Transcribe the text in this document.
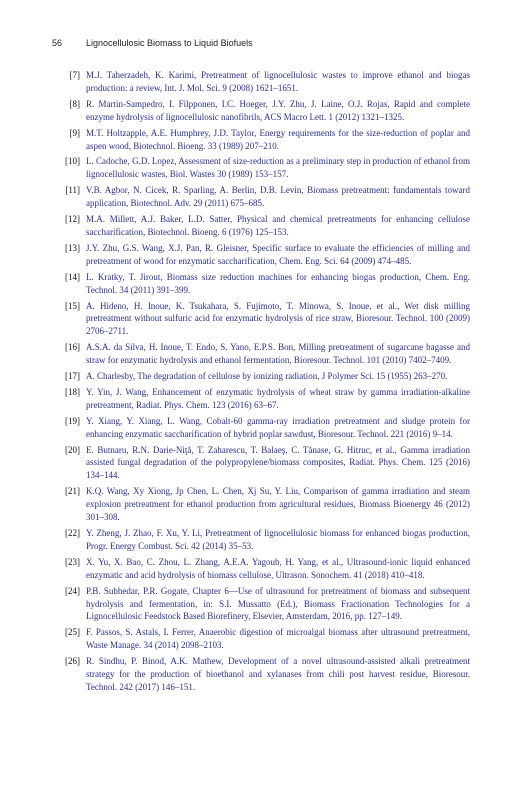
56	Lignocellulosic Biomass to Liquid Biofuels
[7] M.J. Taherzadeh, K. Karimi, Pretreatment of lignocellulosic wastes to improve ethanol and biogas production: a review, Int. J. Mol. Sci. 9 (2008) 1621–1651.
[8] R. Martin-Sampedro, I. Filpponen, I.C. Hoeger, J.Y. Zhu, J. Laine, O.J. Rojas, Rapid and complete enzyme hydrolysis of lignocellulosic nanofibrils, ACS Macro Lett. 1 (2012) 1321–1325.
[9] M.T. Holtzapple, A.E. Humphrey, J.D. Taylor, Energy requirements for the size-reduction of poplar and aspen wood, Biotechnol. Bioeng. 33 (1989) 207–210.
[10] L. Cadoche, G.D. Lopez, Assessment of size-reduction as a preliminary step in production of ethanol from lignocellulosic wastes, Biol. Wastes 30 (1989) 153–157.
[11] V.B. Agbor, N. Cicek, R. Sparling, A. Berlin, D.B. Levin, Biomass pretreatment: fundamentals toward application, Biotechnol. Adv. 29 (2011) 675–685.
[12] M.A. Millett, A.J. Baker, L.D. Satter, Physical and chemical pretreatments for enhancing cellulose saccharification, Biotechnol. Bioeng. 6 (1976) 125–153.
[13] J.Y. Zhu, G.S. Wang, X.J. Pan, R. Gleisner, Specific surface to evaluate the efficiencies of milling and pretreatment of wood for enzymatic saccharification, Chem. Eng. Sci. 64 (2009) 474–485.
[14] L. Kratky, T. Jirout, Biomass size reduction machines for enhancing biogas production, Chem. Eng. Technol. 34 (2011) 391–399.
[15] A. Hideno, H. Inoue, K. Tsukahara, S. Fujimoto, T. Minowa, S. Inoue, et al., Wet disk milling pretreatment without sulfuric acid for enzymatic hydrolysis of rice straw, Bioresour. Technol. 100 (2009) 2706–2711.
[16] A.S.A. da Silva, H. Inoue, T. Endo, S. Yano, E.P.S. Bon, Milling pretreatment of sugarcane bagasse and straw for enzymatic hydrolysis and ethanol fermentation, Bioresour. Technol. 101 (2010) 7402–7409.
[17] A. Charlesby, The degradation of cellulose by ionizing radiation, J Polymer Sci. 15 (1955) 263–270.
[18] Y. Yin, J. Wang, Enhancement of enzymatic hydrolysis of wheat straw by gamma irradiation-alkaline pretreatment, Radiat. Phys. Chem. 123 (2016) 63–67.
[19] Y. Xiang, Y. Xiang, L. Wang, Cobalt-60 gamma-ray irradiation pretreatment and sludge protein for enhancing enzymatic saccharification of hybrid poplar sawdust, Bioresour. Technol. 221 (2016) 9–14.
[20] E. Butnaru, R.N. Darie-Niţă, T. Zaharescu, T. Balaeş, C. Tănase, G. Hitruc, et al., Gamma irradiation assisted fungal degradation of the polypropylene/biomass composites, Radiat. Phys. Chem. 125 (2016) 134–144.
[21] K.Q. Wang, Xy Xiong, Jp Chen, L. Chen, Xj Su, Y. Liu, Comparison of gamma irradiation and steam explosion pretreatment for ethanol production from agricultural residues, Biomass Bioenergy 46 (2012) 301–308.
[22] Y. Zheng, J. Zhao, F. Xu, Y. Li, Pretreatment of lignocellulosic biomass for enhanced biogas production, Progr. Energy Combust. Sci. 42 (2014) 35–53.
[23] X. Yu, X. Bao, C. Zhou, L. Zhang, A.E.A. Yagoub, H. Yang, et al., Ultrasound-ionic liquid enhanced enzymatic and acid hydrolysis of biomass cellulose, Ultrason. Sonochem. 41 (2018) 410–418.
[24] P.B. Subhedar, P.R. Gogate, Chapter 6—Use of ultrasound for pretreatment of biomass and subsequent hydrolysis and fermentation, in: S.I. Mussatto (Ed.), Biomass Fractionation Technologies for a Lignocellulosic Feedstock Based Biorefinery, Elsevier, Amsterdam, 2016, pp. 127–149.
[25] F. Passos, S. Astals, I. Ferrer, Anaerobic digestion of microalgal biomass after ultrasound pretreatment, Waste Manage. 34 (2014) 2098–2103.
[26] R. Sindhu, P. Binod, A.K. Mathew, Development of a novel ultrasound-assisted alkali pretreatment strategy for the production of bioethanol and xylanases from chili post harvest residue, Bioresour. Technol. 242 (2017) 146–151.
